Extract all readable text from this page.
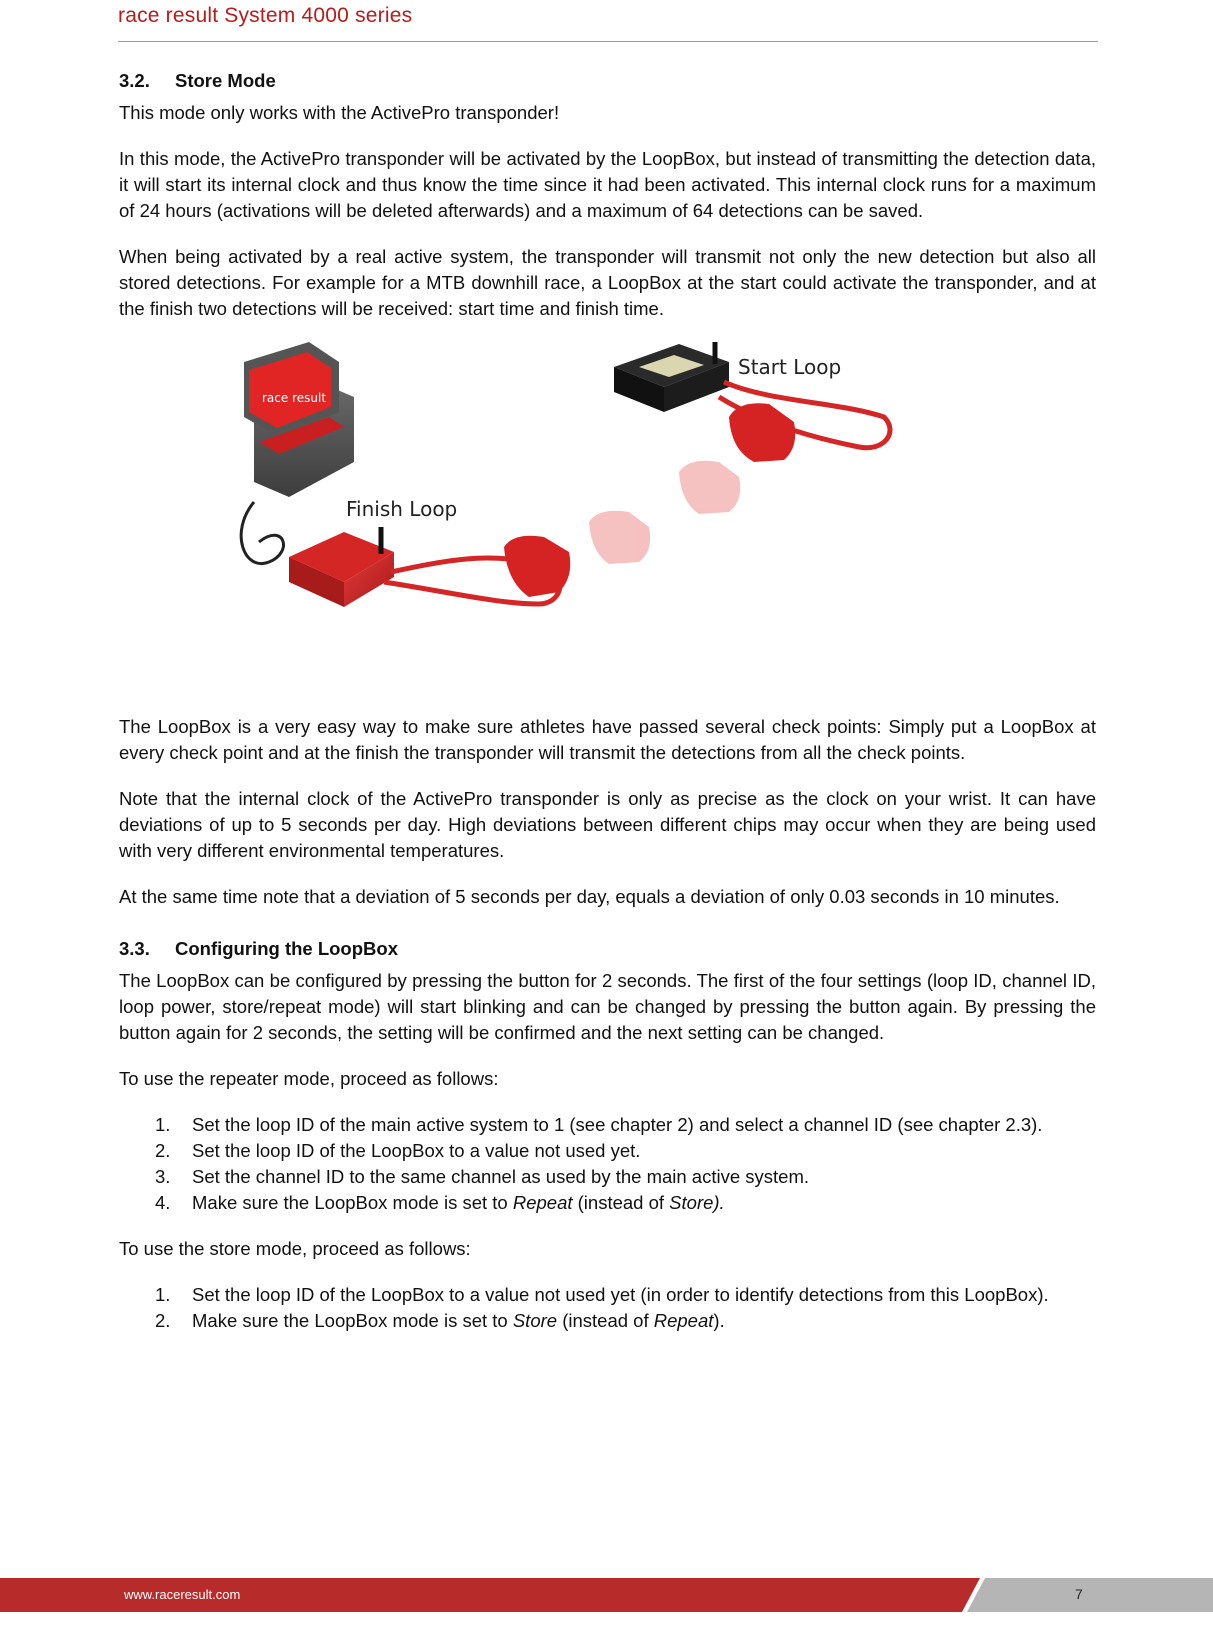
race result System 4000 series
3.2. Store Mode

This mode only works with the ActivePro transponder!

In this mode, the ActivePro transponder will be activated by the LoopBox, but instead of transmitting the detection data, it will start its internal clock and thus know the time since it had been activated. This internal clock runs for a maximum of 24 hours (activations will be deleted afterwards) and a maximum of 64 detections can be saved.

When being activated by a real active system, the transponder will transmit not only the new detection but also all stored detections. For example for a MTB downhill race, a LoopBox at the start could activate the transponder, and at the finish two detections will be received: start time and finish time.

race result
Start Loop
Finish Loop

The LoopBox is a very easy way to make sure athletes have passed several check points: Simply put a LoopBox at every check point and at the finish the transponder will transmit the detections from all the check points.

Note that the internal clock of the ActivePro transponder is only as precise as the clock on your wrist. It can have deviations of up to 5 seconds per day. High deviations between different chips may occur when they are being used with very different environmental temperatures.

At the same time note that a deviation of 5 seconds per day, equals a deviation of only 0.03 seconds in 10 minutes.

3.3. Configuring the LoopBox

The LoopBox can be configured by pressing the button for 2 seconds. The first of the four settings (loop ID, channel ID, loop power, store/repeat mode) will start blinking and can be changed by pressing the button again. By pressing the button again for 2 seconds, the setting will be confirmed and the next setting can be changed.

To use the repeater mode, proceed as follows:

1. Set the loop ID of the main active system to 1 (see chapter 2) and select a channel ID (see chapter 2.3).
2. Set the loop ID of the LoopBox to a value not used yet.
3. Set the channel ID to the same channel as used by the main active system.
4. Make sure the LoopBox mode is set to Repeat (instead of Store).

To use the store mode, proceed as follows:

1. Set the loop ID of the LoopBox to a value not used yet (in order to identify detections from this LoopBox).
2. Make sure the LoopBox mode is set to Store (instead of Repeat).
www.raceresult.com	7
